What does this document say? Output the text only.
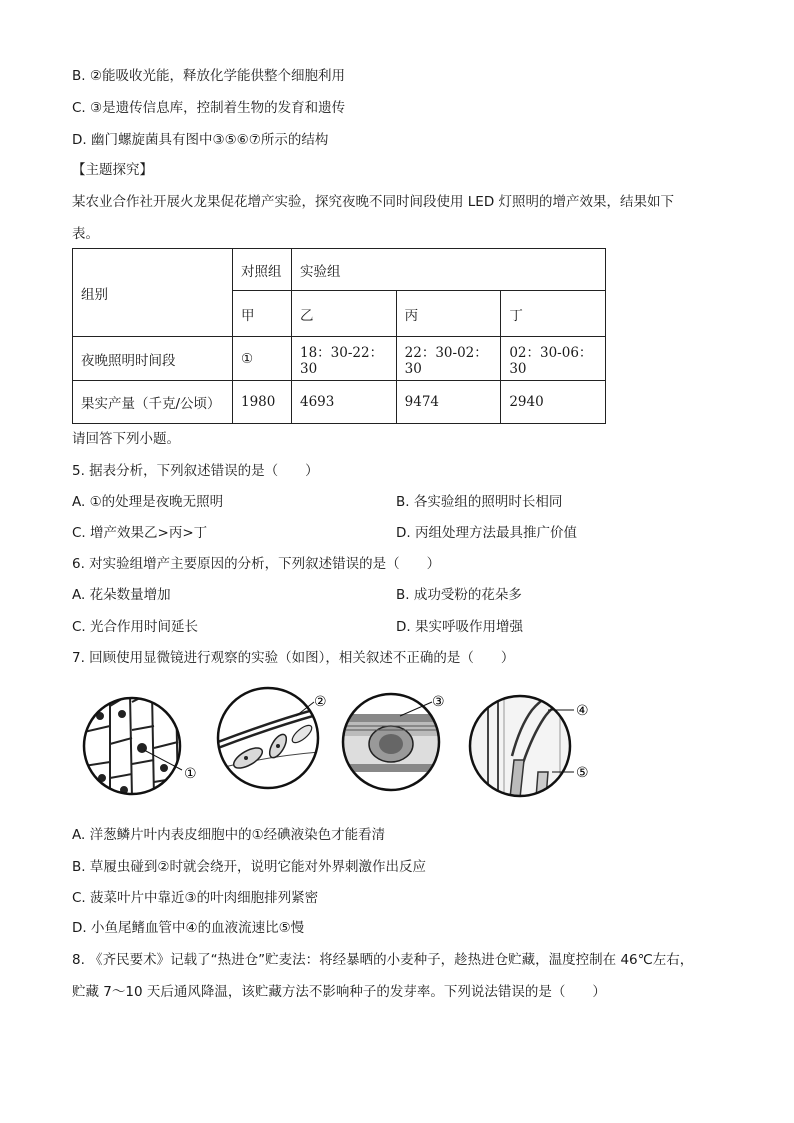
B. ②能吸收光能，释放化学能供整个细胞利用
C. ③是遗传信息库，控制着生物的发育和遗传
D. 幽门螺旋菌具有图中③⑤⑥⑦所示的结构
【主题探究】
某农业合作社开展火龙果促花增产实验，探究夜晚不同时间段使用 LED 灯照明的增产效果，结果如下
表。
组别	对照组	实验组		
	甲	乙	丙	丁
夜晚照明时间段	①	18：30-22：30	22：30-02：30	02：30-06：30
果实产量（千克/公顷）	1980	4693	9474	2940
请回答下列小题。
5. 据表分析，下列叙述错误的是（　　）
A. ①的处理是夜晚无照明	B. 各实验组的照明时长相同
C. 增产效果乙>丙>丁	D. 丙组处理方法最具推广价值
6. 对实验组增产主要原因的分析，下列叙述错误的是（　　）
A. 花朵数量增加	B. 成功受粉的花朵多
C. 光合作用时间延长	D. 果实呼吸作用增强
7. 回顾使用显微镜进行观察的实验（如图），相关叙述不正确的是（　　）
①
②	③
④
⑤
A. 洋葱鳞片叶内表皮细胞中的①经碘液染色才能看清
B. 草履虫碰到②时就会绕开，说明它能对外界刺激作出反应
C. 菠菜叶片中靠近③的叶肉细胞排列紧密
D. 小鱼尾鳍血管中④的血液流速比⑤慢
8. 《齐民要术》记载了“热进仓”贮麦法：将经暴晒的小麦种子，趁热进仓贮藏，温度控制在 46℃左右，
贮藏 7～10 天后通风降温，该贮藏方法不影响种子的发芽率。下列说法错误的是（　　）
